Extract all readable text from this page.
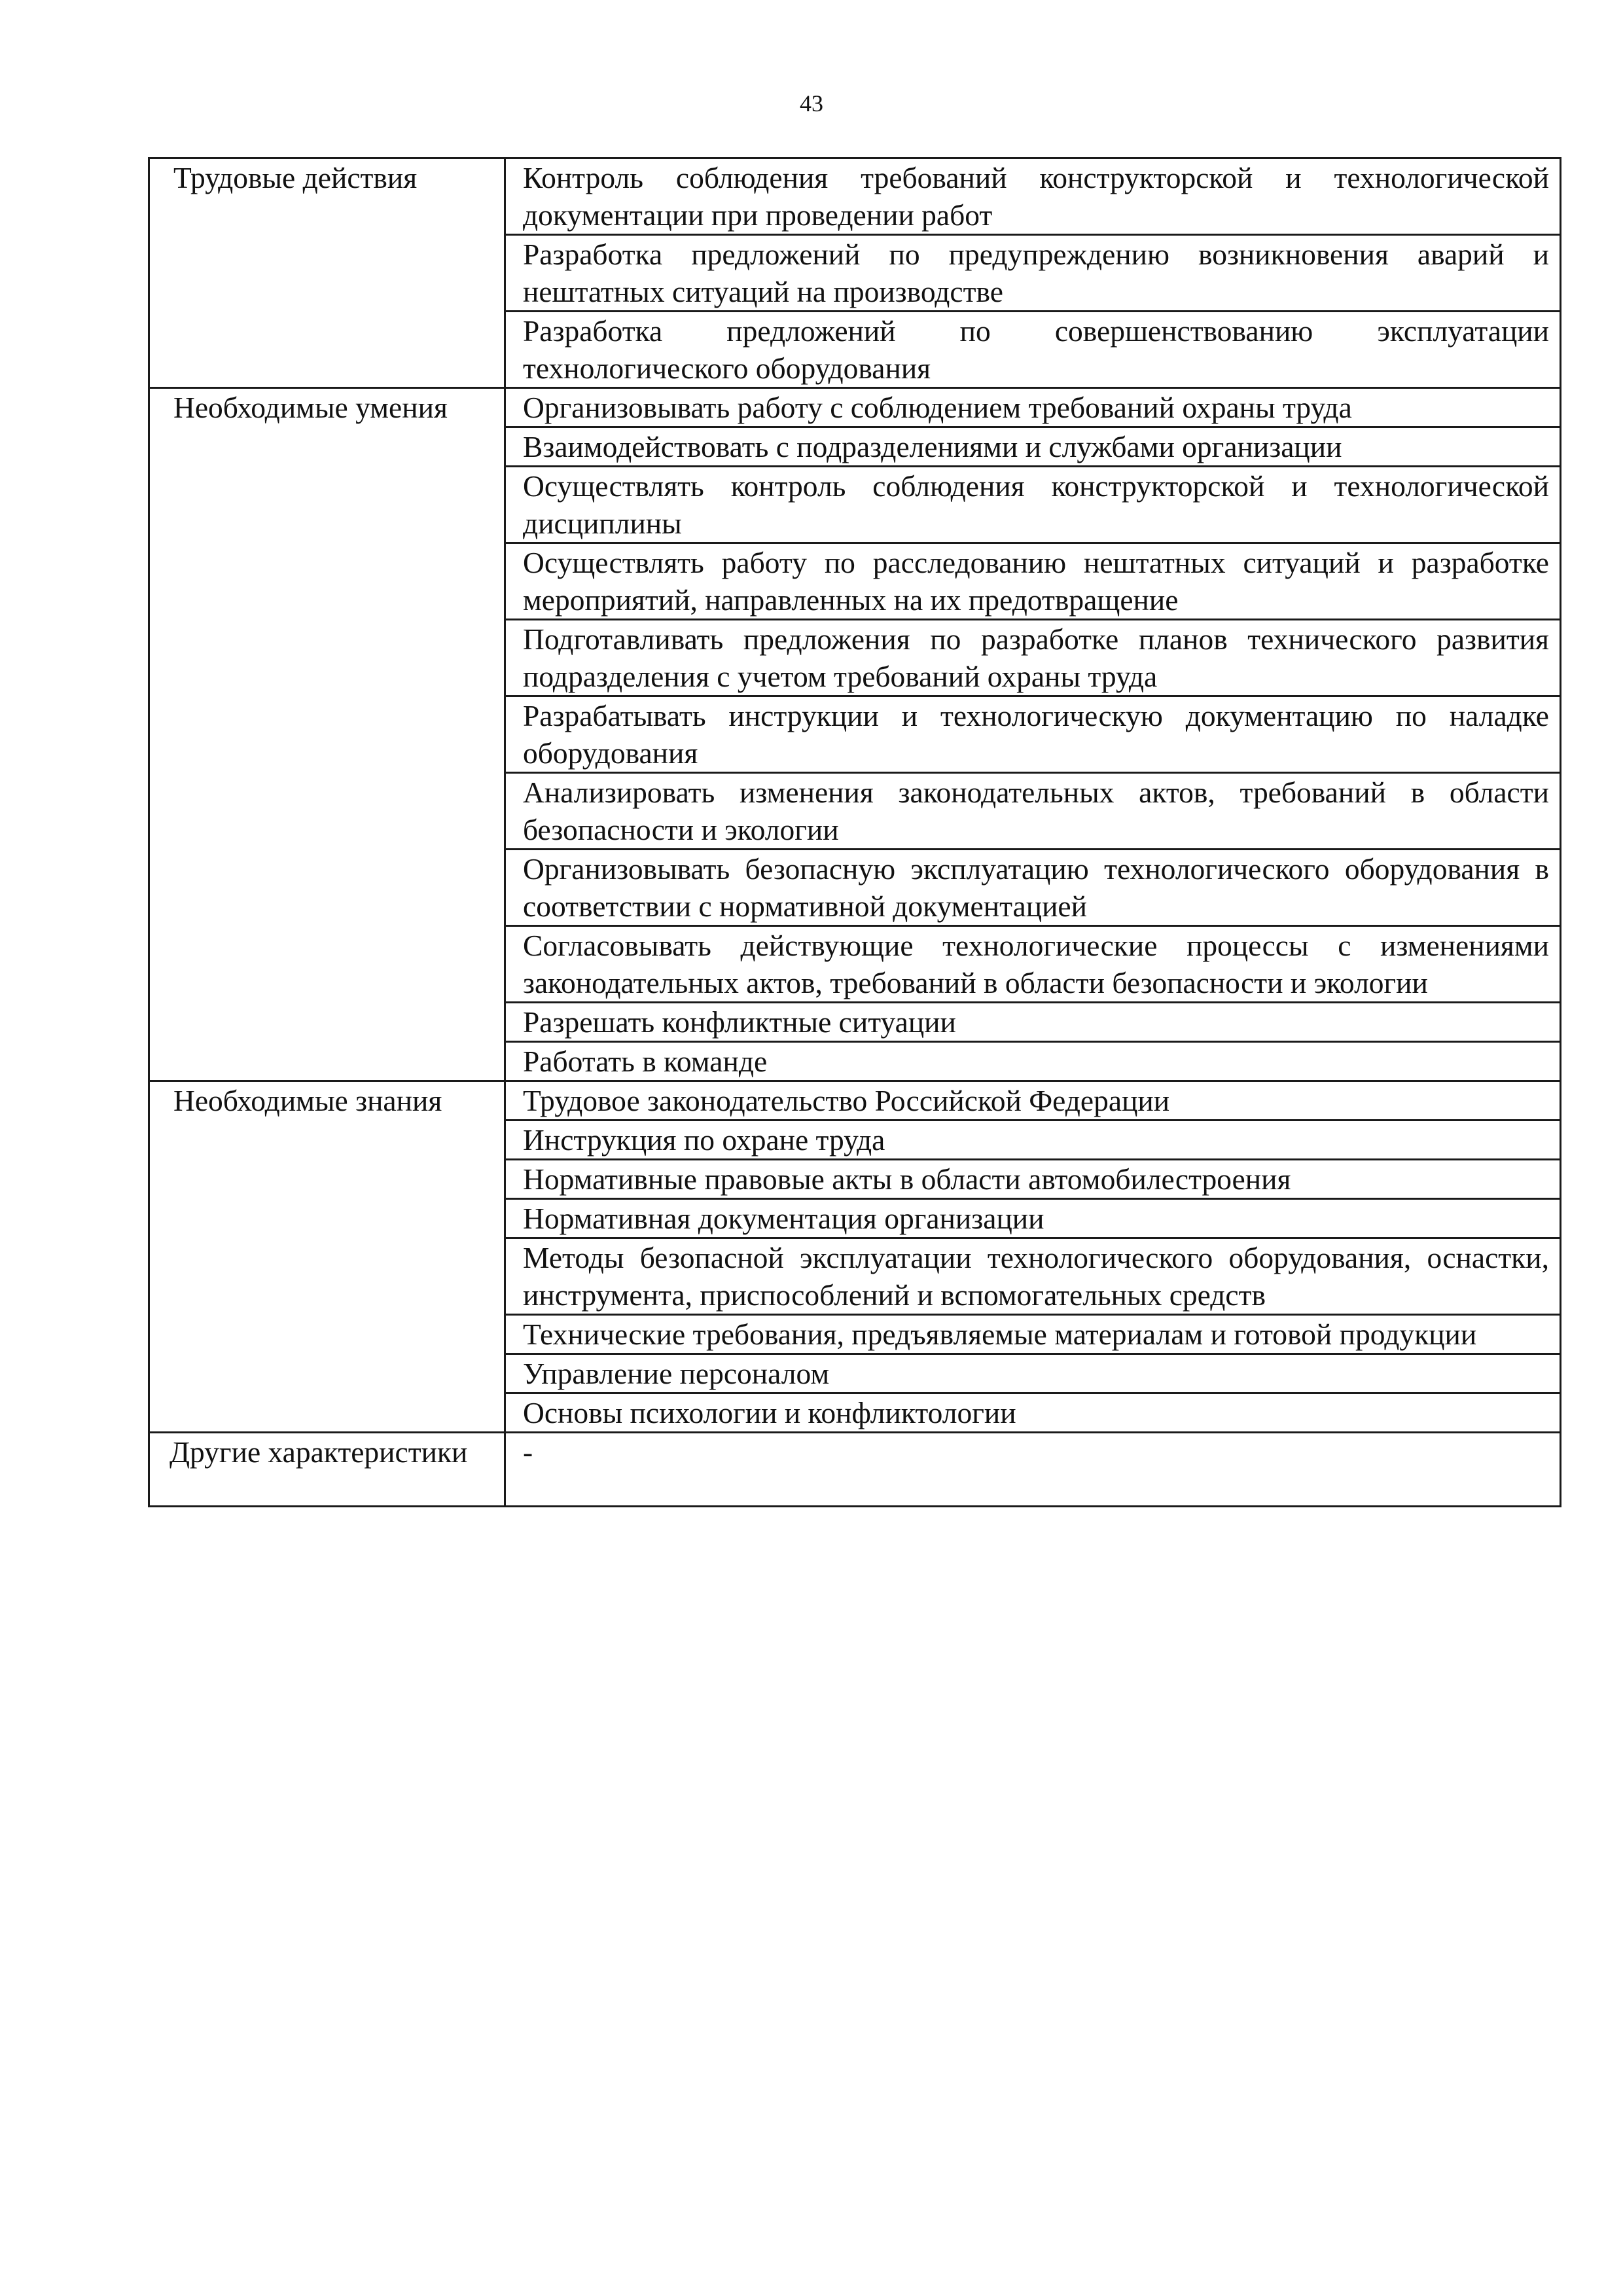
43
Трудовые действия	Контроль соблюдения требований конструкторской и технологической документации при проведении работ
	Разработка предложений по предупреждению возникновения аварий и нештатных ситуаций на производстве
	Разработка предложений по совершенствованию эксплуатации технологического оборудования
Необходимые умения	Организовывать работу с соблюдением требований охраны труда
	Взаимодействовать с подразделениями и службами организации
	Осуществлять контроль соблюдения конструкторской и технологической дисциплины
	Осуществлять работу по расследованию нештатных ситуаций и разработке мероприятий, направленных на их предотвращение
	Подготавливать предложения по разработке планов технического развития подразделения с учетом требований охраны труда
	Разрабатывать инструкции и технологическую документацию по наладке оборудования
	Анализировать изменения законодательных актов, требований в области безопасности и экологии
	Организовывать безопасную эксплуатацию технологического оборудования в соответствии с нормативной документацией
	Согласовывать действующие технологические процессы с изменениями законодательных актов, требований в области безопасности и экологии
	Разрешать конфликтные ситуации
	Работать в команде
Необходимые знания	Трудовое законодательство Российской Федерации
	Инструкция по охране труда
	Нормативные правовые акты в области автомобилестроения
	Нормативная документация организации
	Методы безопасной эксплуатации технологического оборудования, оснастки, инструмента, приспособлений и вспомогательных средств
	Технические требования, предъявляемые материалам и готовой продукции
	Управление персоналом
	Основы психологии и конфликтологии
Другие характеристики	-
